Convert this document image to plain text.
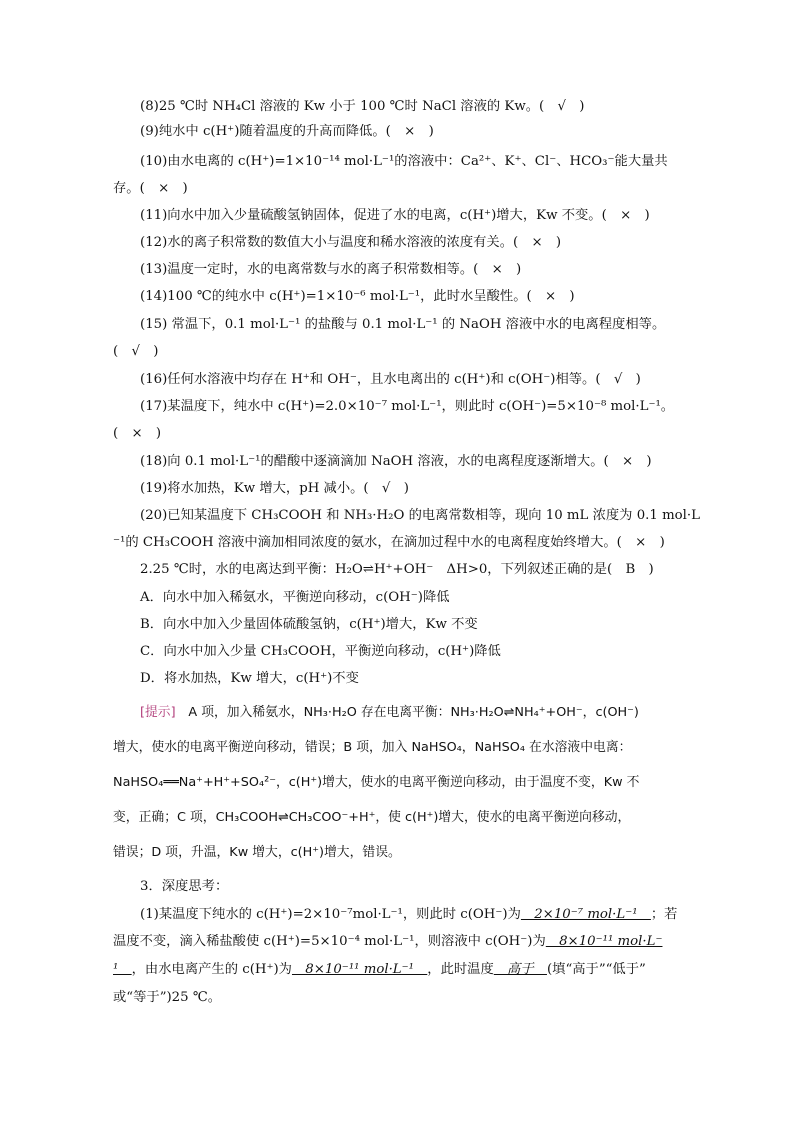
(8)25 ℃时 NH₄Cl 溶液的 Kw 小于 100 ℃时 NaCl 溶液的 Kw。(　√　)
(9)纯水中 c(H⁺)随着温度的升高而降低。(　×　)
(10)由水电离的 c(H⁺)=1×10⁻¹⁴ mol·L⁻¹的溶液中：Ca²⁺、K⁺、Cl⁻、HCO₃⁻能大量共
存。(　×　)
(11)向水中加入少量硫酸氢钠固体，促进了水的电离，c(H⁺)增大，Kw 不变。(　×　)
(12)水的离子积常数的数值大小与温度和稀水溶液的浓度有关。(　×　)
(13)温度一定时，水的电离常数与水的离子积常数相等。(　×　)
(14)100 ℃的纯水中 c(H⁺)=1×10⁻⁶ mol·L⁻¹，此时水呈酸性。(　×　)
(15) 常温下，0.1 mol·L⁻¹ 的盐酸与 0.1 mol·L⁻¹ 的 NaOH 溶液中水的电离程度相等。
(　√　)
(16)任何水溶液中均存在 H⁺和 OH⁻，且水电离出的 c(H⁺)和 c(OH⁻)相等。(　√　)
(17)某温度下，纯水中 c(H⁺)=2.0×10⁻⁷ mol·L⁻¹，则此时 c(OH⁻)=5×10⁻⁸ mol·L⁻¹。
(　×　)
(18)向 0.1 mol·L⁻¹的醋酸中逐滴滴加 NaOH 溶液，水的电离程度逐渐增大。(　×　)
(19)将水加热，Kw 增大，pH 减小。(　√　)
(20)已知某温度下 CH₃COOH 和 NH₃·H₂O 的电离常数相等，现向 10 mL 浓度为 0.1 mol·L
⁻¹的 CH₃COOH 溶液中滴加相同浓度的氨水，在滴加过程中水的电离程度始终增大。(　×　)
2.25 ℃时，水的电离达到平衡：H₂O⇌H⁺+OH⁻　ΔH>0，下列叙述正确的是(　B　)
A．向水中加入稀氨水，平衡逆向移动，c(OH⁻)降低
B．向水中加入少量固体硫酸氢钠，c(H⁺)增大，Kw 不变
C．向水中加入少量 CH₃COOH，平衡逆向移动，c(H⁺)降低
D．将水加热，Kw 增大，c(H⁺)不变
[提示]　A 项，加入稀氨水，NH₃·H₂O 存在电离平衡：NH₃·H₂O⇌NH₄⁺+OH⁻，c(OH⁻)
增大，使水的电离平衡逆向移动，错误；B 项，加入 NaHSO₄，NaHSO₄ 在水溶液中电离：
NaHSO₄══Na⁺+H⁺+SO₄²⁻，c(H⁺)增大，使水的电离平衡逆向移动，由于温度不变，Kw 不
变，正确；C 项，CH₃COOH⇌CH₃COO⁻+H⁺，使 c(H⁺)增大，使水的电离平衡逆向移动，
错误；D 项，升温，Kw 增大，c(H⁺)增大，错误。
3．深度思考：
(1)某温度下纯水的 c(H⁺)=2×10⁻⁷mol·L⁻¹，则此时 c(OH⁻)为　2×10⁻⁷ mol·L⁻¹　；若
温度不变，滴入稀盐酸使 c(H⁺)=5×10⁻⁴ mol·L⁻¹，则溶液中 c(OH⁻)为　8×10⁻¹¹ mol·L⁻
¹　，由水电离产生的 c(H⁺)为　8×10⁻¹¹ mol·L⁻¹　，此时温度　高于　(填“高于”“低于”
或“等于”)25 ℃。
